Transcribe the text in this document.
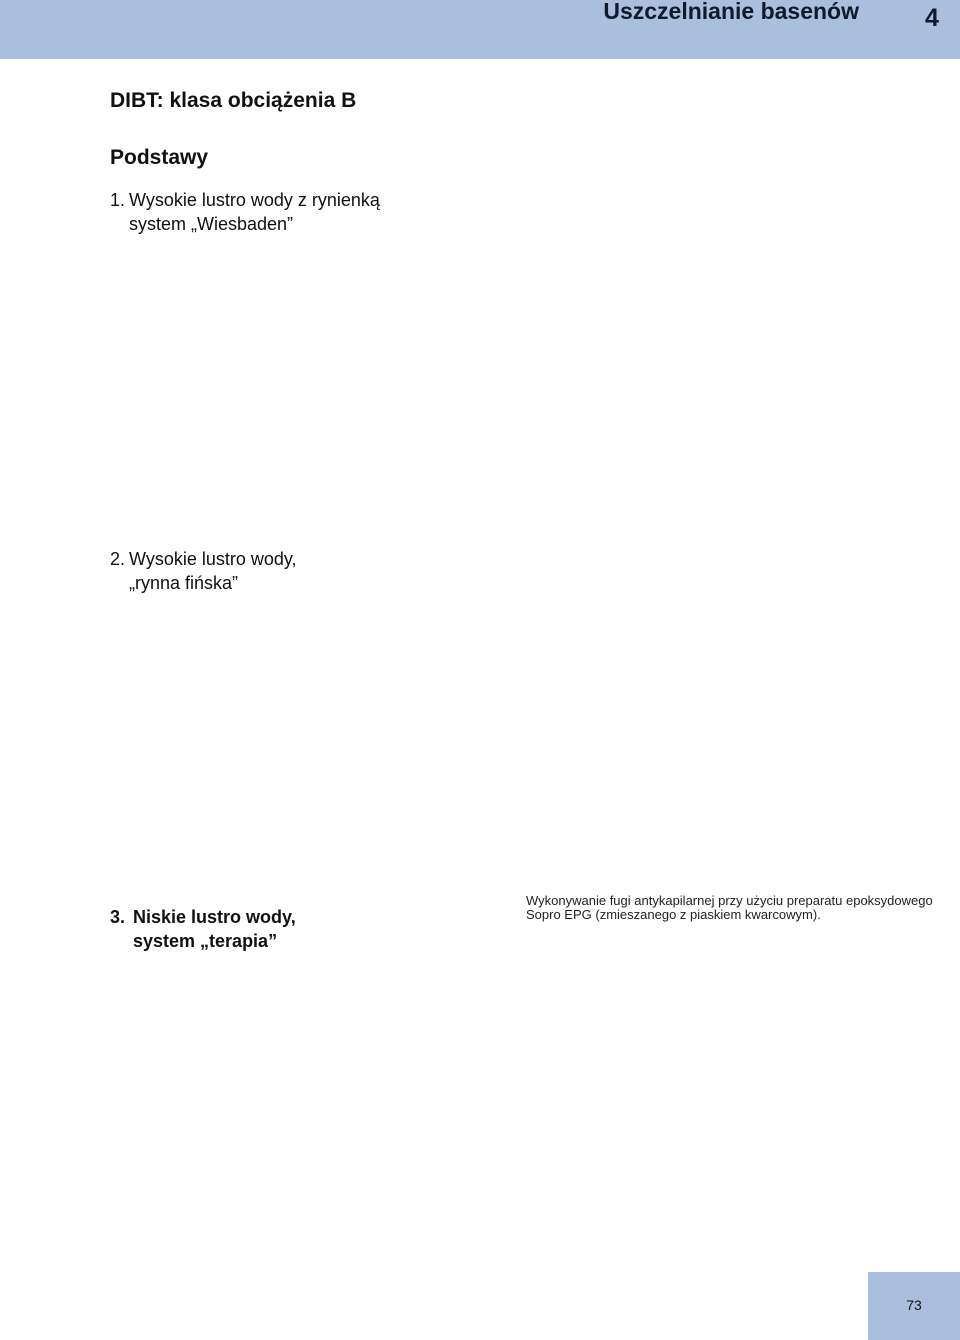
Uszczelnianie basenów	4
DIBT: klasa obciążenia B
Podstawy
1. Wysokie lustro wody z rynienką
system „Wiesbaden”
2. Wysokie lustro wody,
„rynna fińska”
3. Niskie lustro wody,
system „terapia”
Wykonywanie fugi antykapilarnej przy użyciu preparatu epoksydowego
Sopro EPG (zmieszanego z piaskiem kwarcowym).
73
